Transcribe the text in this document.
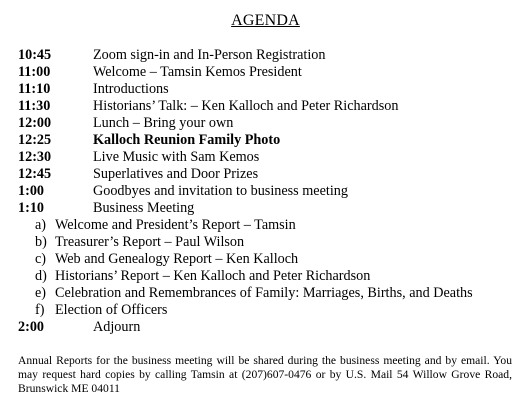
AGENDA
10:45	Zoom sign-in and In-Person Registration
11:00	Welcome – Tamsin Kemos President
11:10	Introductions
11:30	Historians’ Talk: – Ken Kalloch and Peter Richardson
12:00	Lunch – Bring your own
12:25	Kalloch Reunion Family Photo
12:30	Live Music with Sam Kemos
12:45	Superlatives and Door Prizes
1:00	Goodbyes and invitation to business meeting
1:10	Business Meeting
a) Welcome and President’s Report – Tamsin
b) Treasurer’s Report – Paul Wilson
c) Web and Genealogy Report – Ken Kalloch
d) Historians’ Report – Ken Kalloch and Peter Richardson
e) Celebration and Remembrances of Family: Marriages, Births, and Deaths
f) Election of Officers
2:00	Adjourn
Annual Reports for the business meeting will be shared during the business meeting and by email. You may request hard copies by calling Tamsin at (207)607-0476 or by U.S. Mail 54 Willow Grove Road, Brunswick ME 04011
